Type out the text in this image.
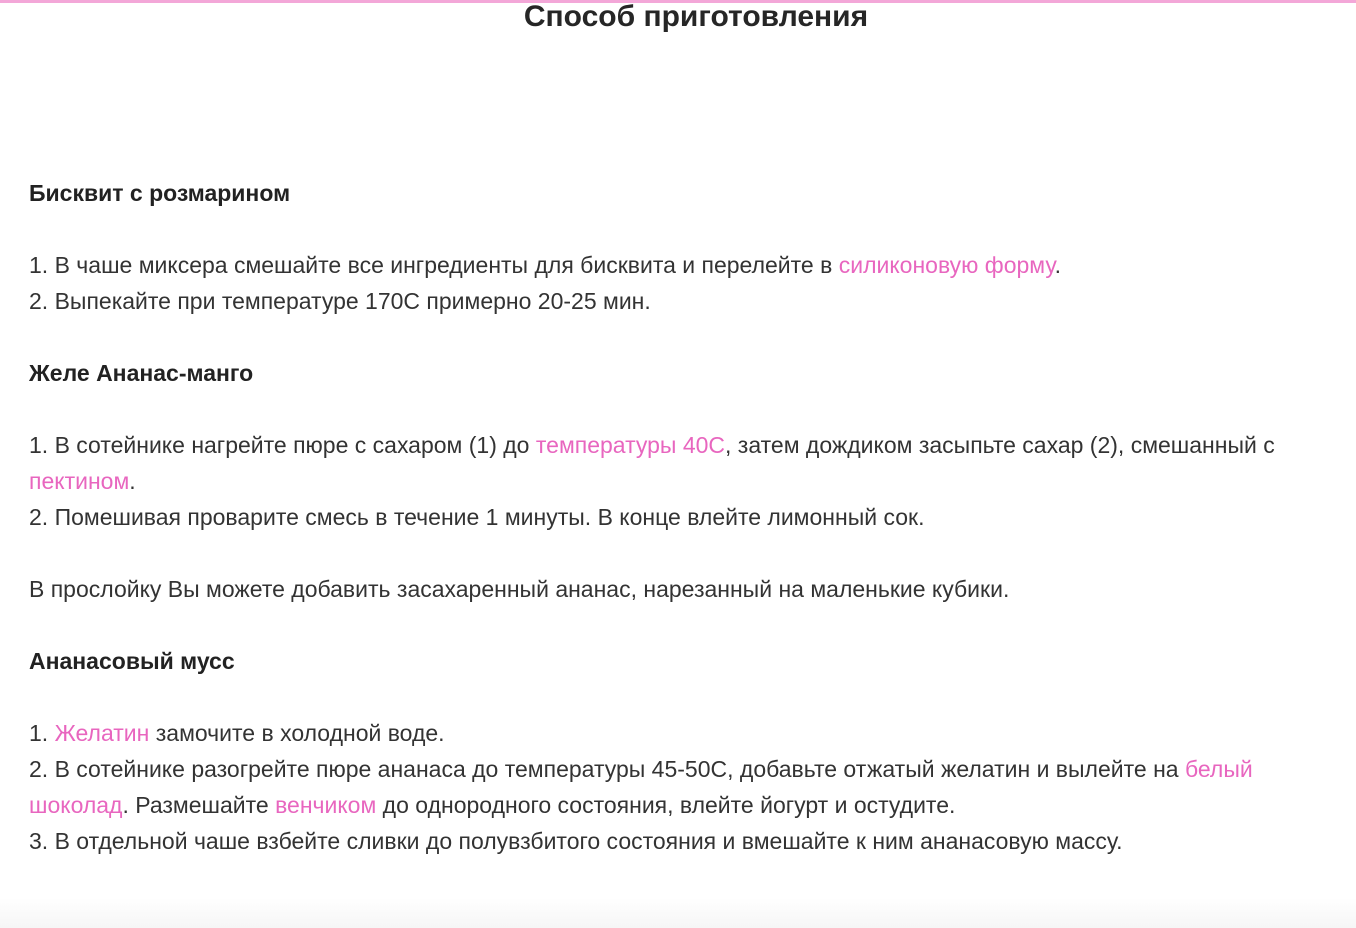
Способ приготовления
Бисквит с розмарином

1. В чаше миксера смешайте все ингредиенты для бисквита и перелейте в силиконовую форму.

2. Выпекайте при температуре 170С примерно 20-25 мин.

Желе Ананас-манго

1. В сотейнике нагрейте пюре с сахаром (1) до температуры 40С, затем дождиком засыпьте сахар (2), смешанный с пектином.

2. Помешивая проварите смесь в течение 1 минуты. В конце влейте лимонный сок.

В прослойку Вы можете добавить засахаренный ананас, нарезанный на маленькие кубики.

Ананасовый мусс

1. Желатин замочите в холодной воде.

2. В сотейнике разогрейте пюре ананаса до температуры 45-50С, добавьте отжатый желатин и вылейте на белый шоколад. Размешайте венчиком до однородного состояния, влейте йогурт и остудите.

3. В отдельной чаше взбейте сливки до полувзбитого состояния и вмешайте к ним ананасовую массу.
